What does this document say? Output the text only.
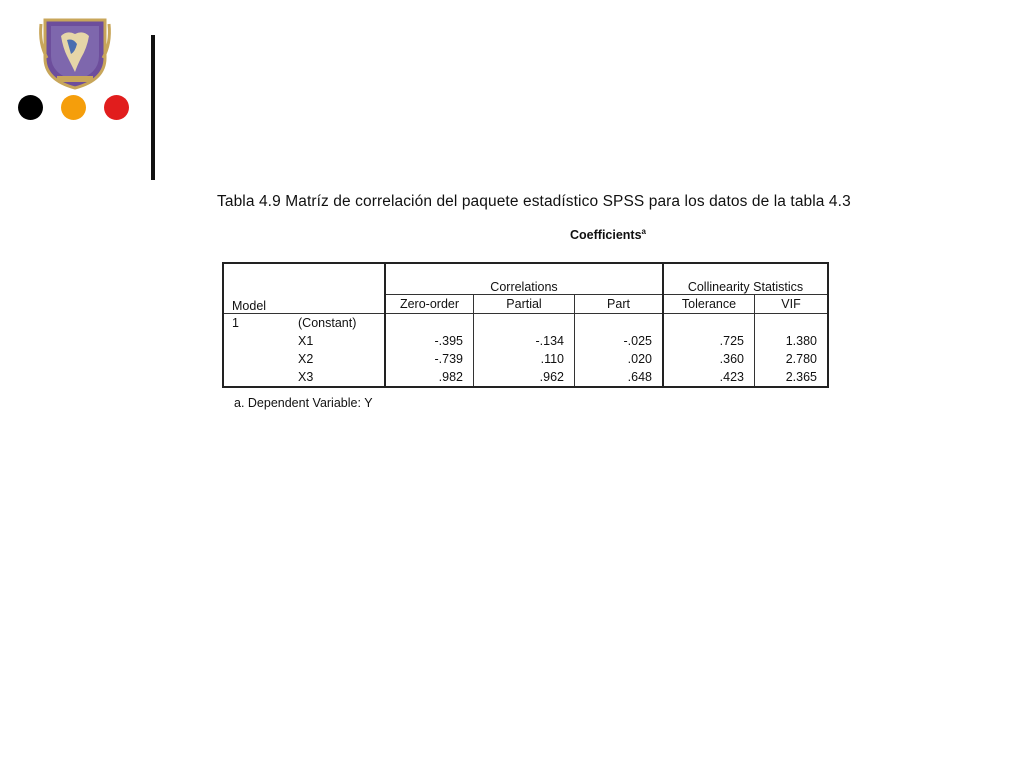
Tabla 4.9 Matríz de correlación del paquete estadístico SPSS para los datos de la tabla 4.3
Coefficients$^a$
Model		Correlations			Collinearity Statistics	
		Zero-order	Partial	Part	Tolerance	VIF
1	(Constant)					
	X1	-.395	-.134	-.025	.725	1.380
	X2	-.739	.110	.020	.360	2.780
	X3	.982	.962	.648	.423	2.365
a. Dependent Variable: Y
